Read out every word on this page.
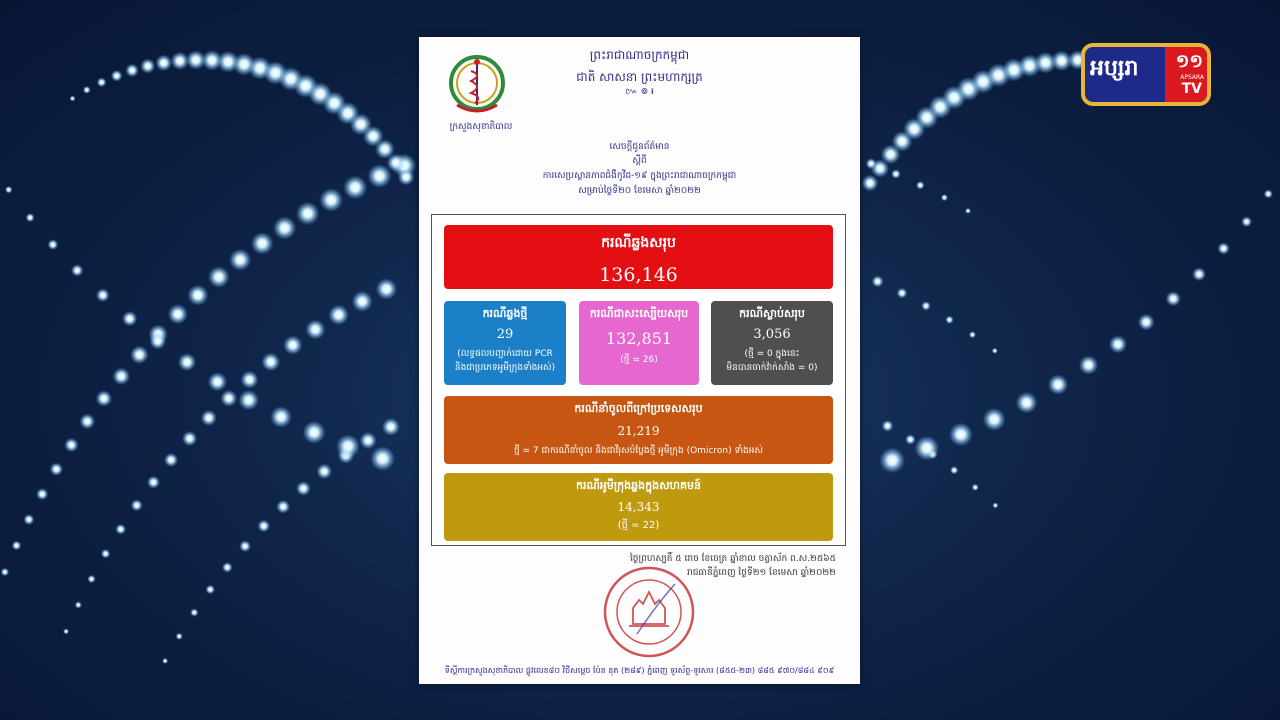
ព្រះរាជាណាចក្រកម្ពុជា
ជាតិ សាសនា ព្រះមហាក្សត្រ
៚ ៙ ៛
ក្រសួងសុខាភិបាល
សេចក្ដីជូនព័ត៌មាន
ស្ដីពី
ការសេប្រស្ថានភាពជំងឺកូវីដ-១៩ ក្នុងព្រះរាជាណាចក្រកម្ពុជា
សម្រាប់ថ្ងៃទី២០ ខែមេសា ឆ្នាំ២០២២
ករណីឆ្លងសរុប
136,146
ករណីឆ្លងថ្មី
29
(លទ្ធផលបញ្ជាក់ដោយ PCR
និងជាប្រភេទអូមីក្រុងទាំងអស់)
ករណីជាសះស្បើយសរុប
132,851
(ថ្មី = 26)
ករណីស្លាប់សរុប
3,056
(ថ្មី = 0 ក្នុងនេះ
មិនបានចាក់វ៉ាក់សាំង = 0)
ករណីនាំចូលពីក្រៅប្រទេសសរុប
21,219
ថ្មី = 7 ជាករណីនាំចូល និងជាវីរុសបំប្លែងថ្មី អូមីក្រុង (Omicron) ទាំងអស់
ករណីអូមីក្រុងឆ្លងក្នុងសហគមន៍
14,343
(ថ្មី = 22)
ថ្ងៃព្រហស្បតិ៍ ៥ រោច ខែចេត្រ ឆ្នាំខាល ចត្វាស័ក ព.ស.២៥៦៥
រាជធានីភ្នំពេញ ថ្ងៃទី២១ ខែមេសា ឆ្នាំ២០២២
ទីស្ដីការក្រសួងសុខាភិបាល ផ្លូវលេខ៨០ វិថីសម្ដេច ប៉ែន នុត (២៨៩) ភ្នំពេញ ទូរស័ព្ទ-ទូរសារ (៨៥៥-២៣) ៨៨៥ ៩៧០/៨៨៤ ៩០៩
អប្សរា ១១
APSARA
TV
